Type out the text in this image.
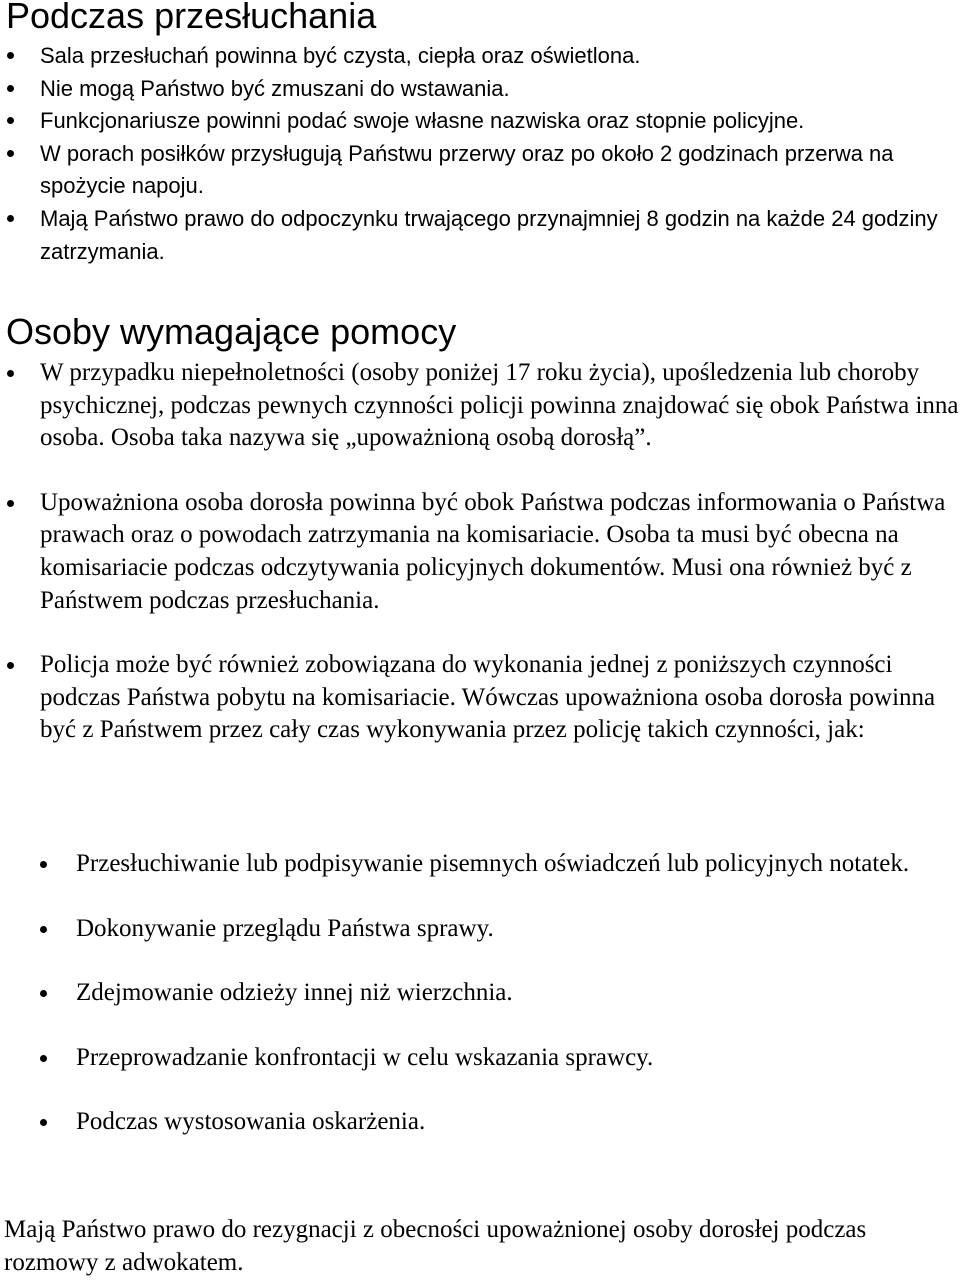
Podczas przesłuchania
Sala przesłuchań powinna być czysta, ciepła oraz oświetlona.
Nie mogą Państwo być zmuszani do wstawania.
Funkcjonariusze powinni podać swoje własne nazwiska oraz stopnie policyjne.
W porach posiłków przysługują Państwu przerwy oraz po około 2 godzinach przerwa na spożycie napoju.
Mają Państwo prawo do odpoczynku trwającego przynajmniej 8 godzin na każde 24 godziny zatrzymania.
Osoby wymagające pomocy
W przypadku niepełnoletności (osoby poniżej 17 roku życia), upośledzenia lub choroby psychicznej, podczas pewnych czynności policji powinna znajdować się obok Państwa inna osoba. Osoba taka nazywa się „upoważnioną osobą dorosłą”.
Upoważniona osoba dorosła powinna być obok Państwa podczas informowania o Państwa prawach oraz o powodach zatrzymania na komisariacie. Osoba ta musi być obecna na komisariacie podczas odczytywania policyjnych dokumentów. Musi ona również być z Państwem podczas przesłuchania.
Policja może być również zobowiązana do wykonania jednej z poniższych czynności podczas Państwa pobytu na komisariacie. Wówczas upoważniona osoba dorosła powinna być z Państwem przez cały czas wykonywania przez policję takich czynności, jak:
Przesłuchiwanie lub podpisywanie pisemnych oświadczeń lub policyjnych notatek.
Dokonywanie przeglądu Państwa sprawy.
Zdejmowanie odzieży innej niż wierzchnia.
Przeprowadzanie konfrontacji w celu wskazania sprawcy.
Podczas wystosowania oskarżenia.

Mają Państwo prawo do rezygnacji z obecności upoważnionej osoby dorosłej podczas rozmowy z adwokatem.
